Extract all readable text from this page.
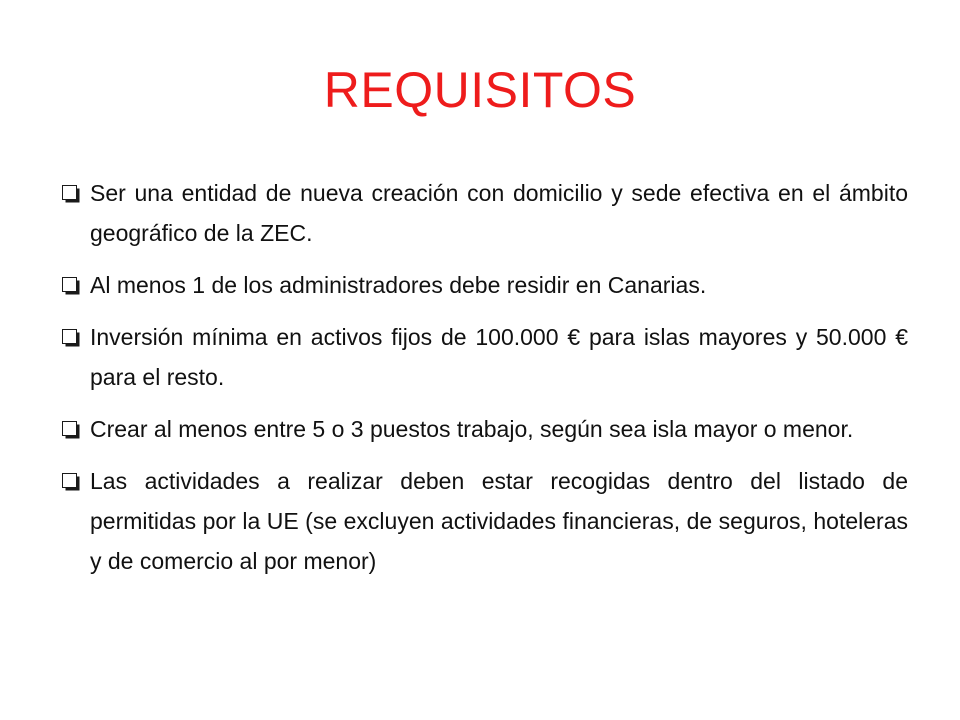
REQUISITOS
Ser una entidad de nueva creación con domicilio y sede efectiva en el ámbito geográfico de la ZEC.
Al menos 1 de los administradores debe residir en Canarias.
Inversión mínima en activos fijos de 100.000 € para islas mayores y 50.000 € para el resto.
Crear al menos entre 5 o 3 puestos trabajo, según sea isla mayor o menor.
Las actividades a realizar deben estar recogidas dentro del listado de permitidas por la UE (se excluyen actividades financieras, de seguros, hoteleras y de comercio al por menor)
